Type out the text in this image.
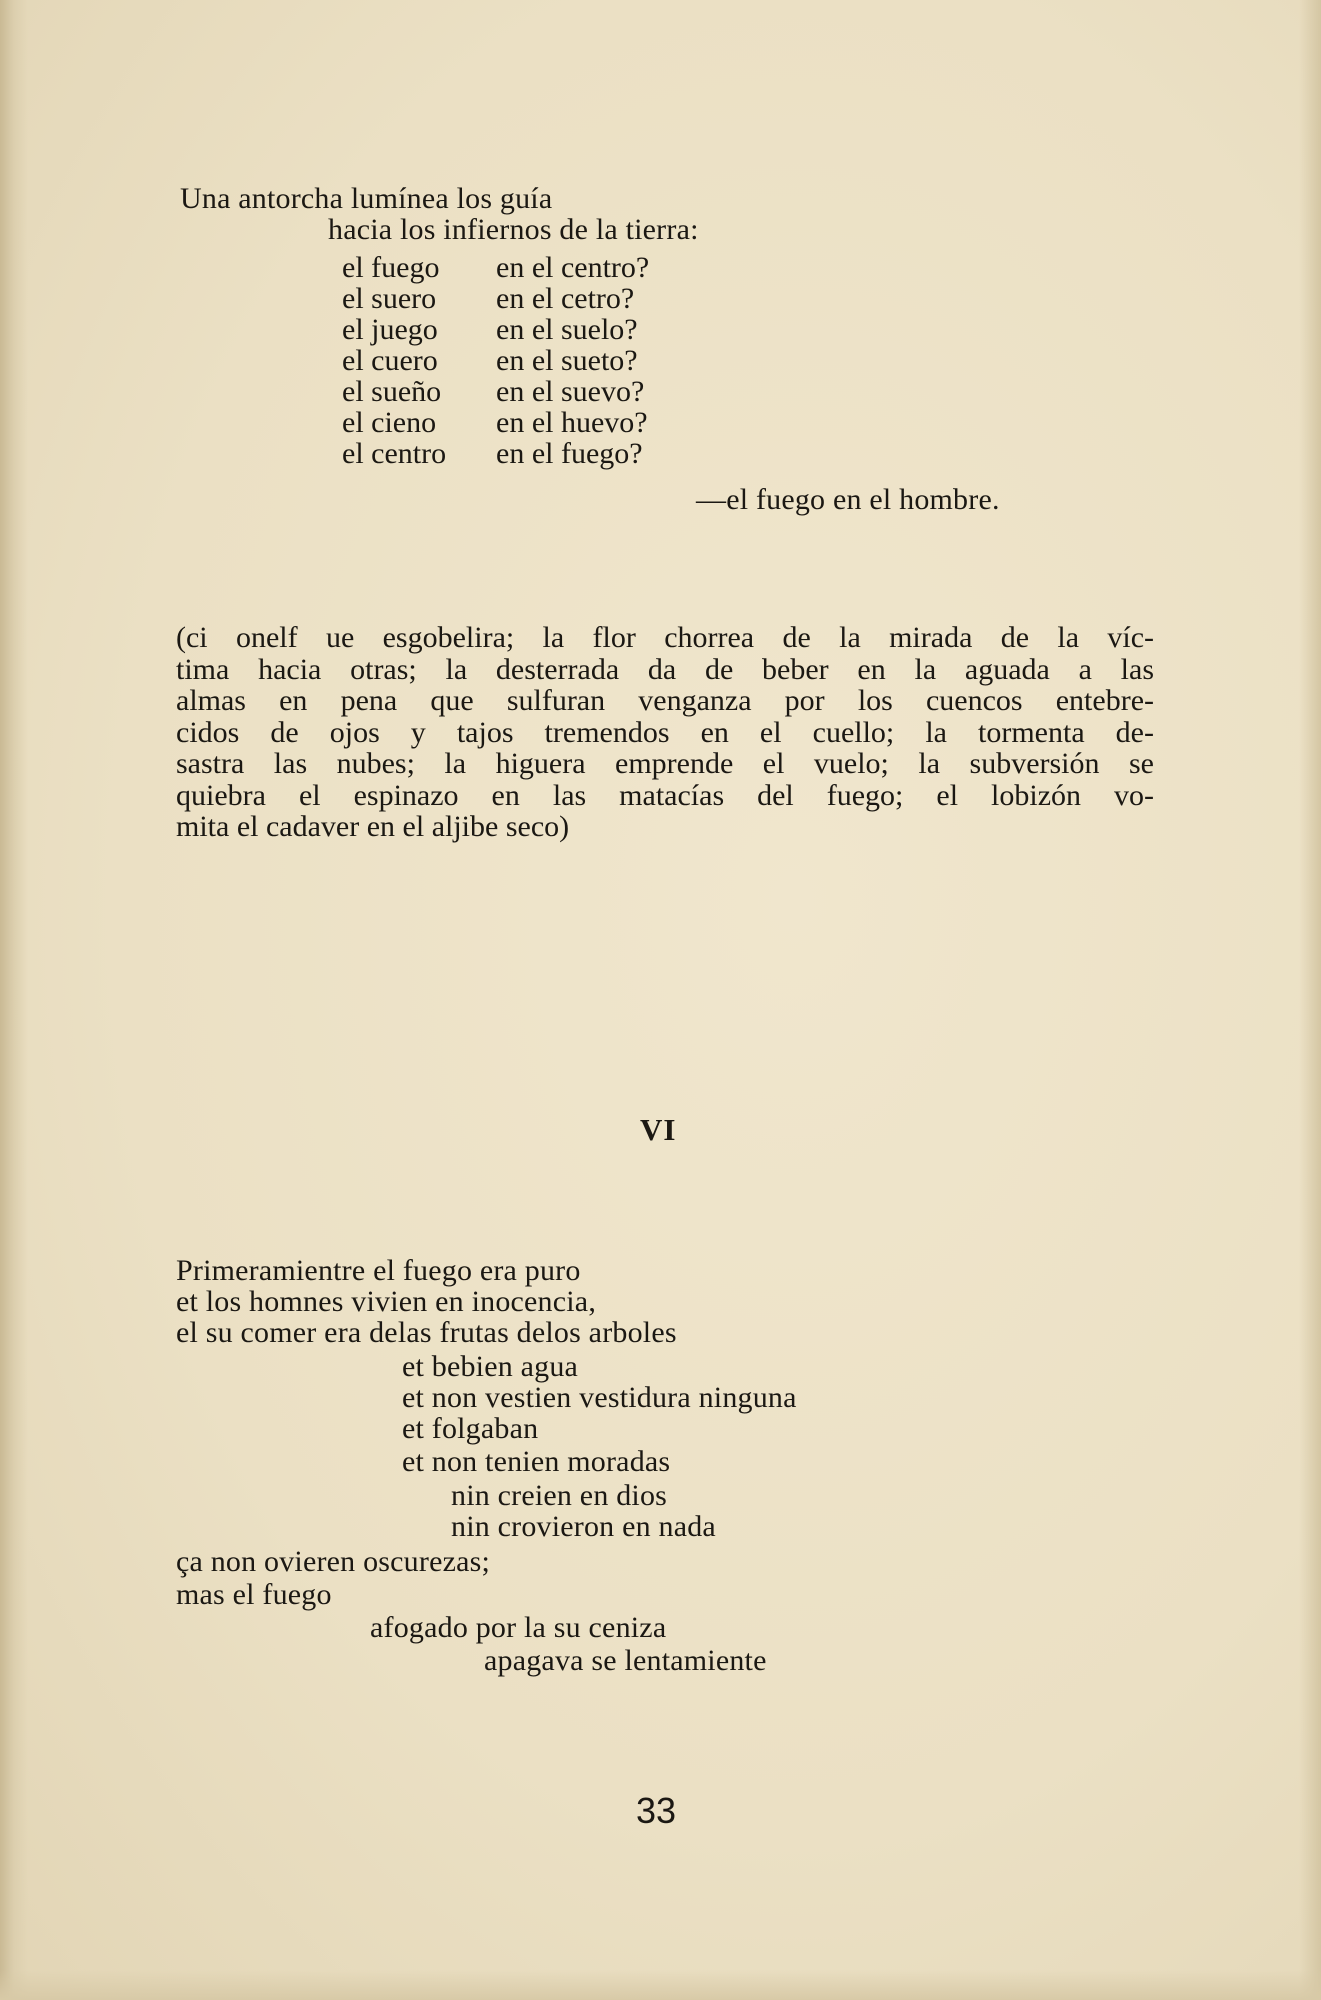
Una antorcha lumínea los guía
hacia los infiernos de la tierra:
el fuego en el centro?
el suero en el cetro?
el juego en el suelo?
el cuero en el sueto?
el sueño en el suevo?
el cieno en el huevo?
el centro en el fuego?
—el fuego en el hombre.
(ci onelf ue esgobelira; la flor chorrea de la mirada de la víc-
tima hacia otras; la desterrada da de beber en la aguada a las
almas en pena que sulfuran venganza por los cuencos entebre-
cidos de ojos y tajos tremendos en el cuello; la tormenta de-
sastra las nubes; la higuera emprende el vuelo; la subversión se
quiebra el espinazo en las matacías del fuego; el lobizón vo-
mita el cadaver en el aljibe seco)
VI
Primeramientre el fuego era puro
et los homnes vivien en inocencia,
el su comer era delas frutas delos arboles
et bebien agua
et non vestien vestidura ninguna
et folgaban
et non tenien moradas
nin creien en dios
nin crovieron en nada
ça non ovieren oscurezas;
mas el fuego
afogado por la su ceniza
apagava se lentamiente
33
